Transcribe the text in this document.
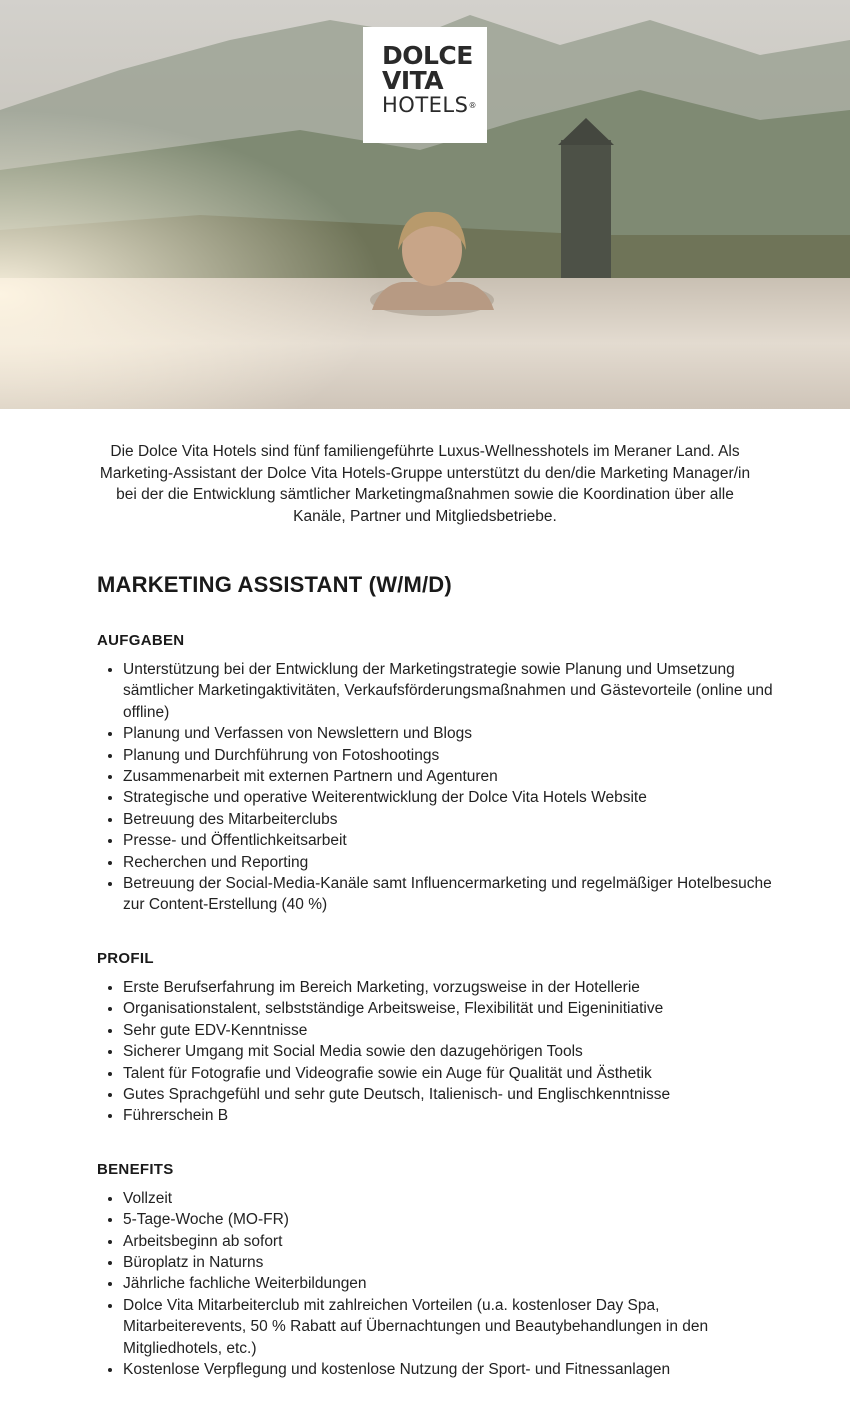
DOLCE
VITA
HOTELS®

Die Dolce Vita Hotels sind fünf familiengeführte Luxus-Wellnesshotels im Meraner Land. Als Marketing-Assistant der Dolce Vita Hotels-Gruppe unterstützt du den/die Marketing Manager/in bei der die Entwicklung sämtlicher Marketingmaßnahmen sowie die Koordination über alle Kanäle, Partner und Mitgliedsbetriebe.

MARKETING ASSISTANT (W/M/D)
AUFGABEN
• Unterstützung bei der Entwicklung der Marketingstrategie sowie Planung und Umsetzung sämtlicher Marketingaktivitäten, Verkaufsförderungsmaßnahmen und Gästevorteile (online und offline)
• Planung und Verfassen von Newslettern und Blogs
• Planung und Durchführung von Fotoshootings
• Zusammenarbeit mit externen Partnern und Agenturen
• Strategische und operative Weiterentwicklung der Dolce Vita Hotels Website
• Betreuung des Mitarbeiterclubs
• Presse- und Öffentlichkeitsarbeit
• Recherchen und Reporting
• Betreuung der Social-Media-Kanäle samt Influencermarketing und regelmäßiger Hotelbesuche zur Content-Erstellung (40 %)
PROFIL
• Erste Berufserfahrung im Bereich Marketing, vorzugsweise in der Hotellerie
• Organisationstalent, selbstständige Arbeitsweise, Flexibilität und Eigeninitiative
• Sehr gute EDV-Kenntnisse
• Sicherer Umgang mit Social Media sowie den dazugehörigen Tools
• Talent für Fotografie und Videografie sowie ein Auge für Qualität und Ästhetik
• Gutes Sprachgefühl und sehr gute Deutsch, Italienisch- und Englischkenntnisse
• Führerschein B
BENEFITS
• Vollzeit
• 5-Tage-Woche (MO-FR)
• Arbeitsbeginn ab sofort
• Büroplatz in Naturns
• Jährliche fachliche Weiterbildungen
• Dolce Vita Mitarbeiterclub mit zahlreichen Vorteilen (u.a. kostenloser Day Spa, Mitarbeiterevents, 50 % Rabatt auf Übernachtungen und Beautybehandlungen in den Mitgliedhotels, etc.)
• Kostenlose Verpflegung und kostenlose Nutzung der Sport- und Fitnessanlagen
